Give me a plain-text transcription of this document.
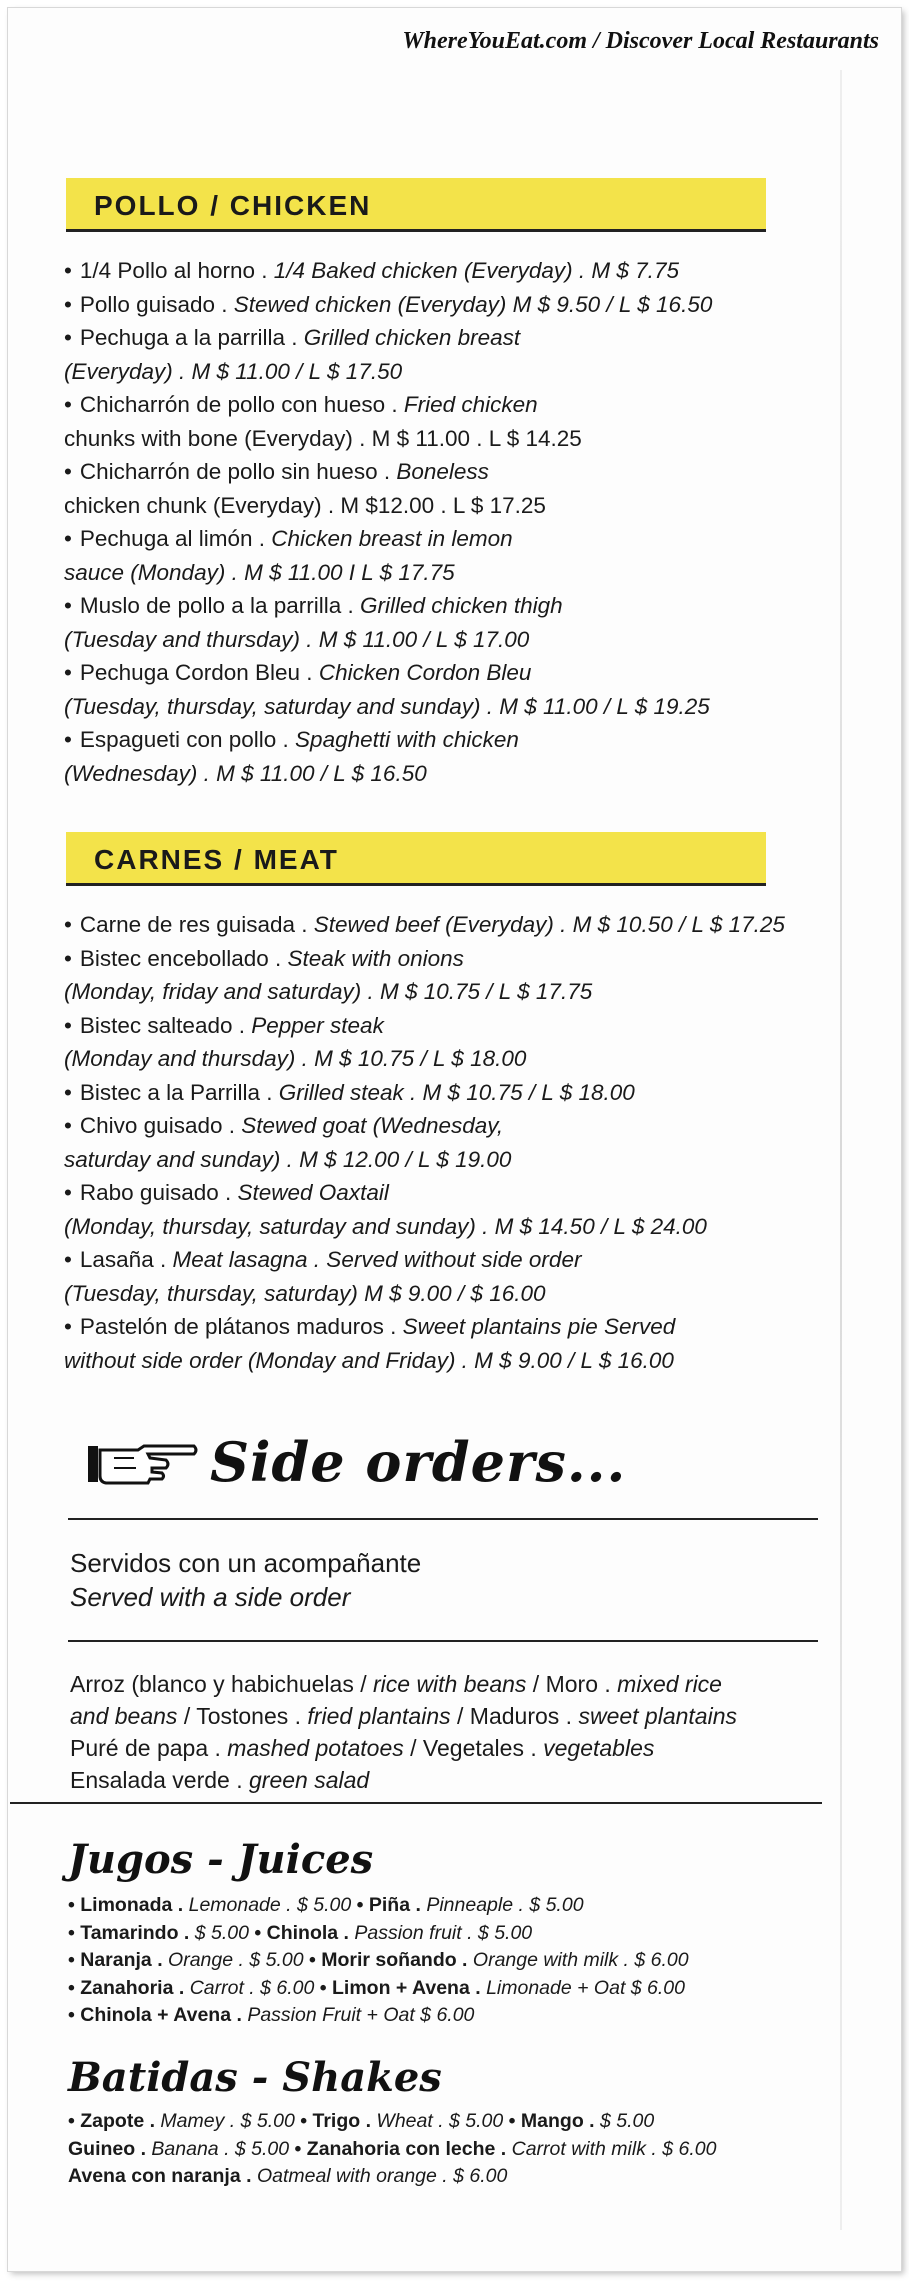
WhereYouEat.com / Discover Local Restaurants
POLLO / CHICKEN
• 1/4 Pollo al horno . 1/4 Baked chicken (Everyday) . M $ 7.75
• Pollo guisado . Stewed chicken (Everyday) M $ 9.50 / L $ 16.50
• Pechuga a la parrilla . Grilled chicken breast
(Everyday) . M $ 11.00 / L $ 17.50
• Chicharrón de pollo con hueso . Fried chicken
chunks with bone (Everyday) . M $ 11.00 . L $ 14.25
• Chicharrón de pollo sin hueso . Boneless
chicken chunk (Everyday) . M $12.00 . L $ 17.25
• Pechuga al limón . Chicken breast in lemon
sauce (Monday) . M $ 11.00 I L $ 17.75
• Muslo de pollo a la parrilla . Grilled chicken thigh
(Tuesday and thursday) . M $ 11.00 / L $ 17.00
• Pechuga Cordon Bleu . Chicken Cordon Bleu
(Tuesday, thursday, saturday and sunday) . M $ 11.00 / L $ 19.25
• Espagueti con pollo . Spaghetti with chicken
(Wednesday) . M $ 11.00 / L $ 16.50
CARNES / MEAT
• Carne de res guisada . Stewed beef (Everyday) . M $ 10.50 / L $ 17.25
• Bistec encebollado . Steak with onions
(Monday, friday and saturday) . M $ 10.75 / L $ 17.75
• Bistec salteado . Pepper steak
(Monday and thursday) . M $ 10.75 / L $ 18.00
• Bistec a la Parrilla . Grilled steak . M $ 10.75 / L $ 18.00
• Chivo guisado . Stewed goat (Wednesday,
saturday and sunday) . M $ 12.00 / L $ 19.00
• Rabo guisado . Stewed Oaxtail
(Monday, thursday, saturday and sunday) . M $ 14.50 / L $ 24.00
• Lasaña . Meat lasagna . Served without side order
(Tuesday, thursday, saturday) M $ 9.00 / $ 16.00
• Pastelón de plátanos maduros . Sweet plantains pie Served
without side order (Monday and Friday) . M $ 9.00 / L $ 16.00
Side orders...
Servidos con un acompañante
Served with a side order
Arroz (blanco y habichuelas / rice with beans / Moro . mixed rice
and beans / Tostones . fried plantains / Maduros . sweet plantains
Puré de papa . mashed potatoes / Vegetales . vegetables
Ensalada verde . green salad
Jugos - Juices
• Limonada . Lemonade . $ 5.00 • Piña . Pinneaple . $ 5.00
• Tamarindo . $ 5.00 • Chinola . Passion fruit . $ 5.00
• Naranja . Orange . $ 5.00 • Morir soñando . Orange with milk . $ 6.00
• Zanahoria . Carrot . $ 6.00 • Limon + Avena . Limonade + Oat $ 6.00
• Chinola + Avena . Passion Fruit + Oat $ 6.00
Batidas - Shakes
• Zapote . Mamey . $ 5.00 • Trigo . Wheat . $ 5.00 • Mango . $ 5.00
Guineo . Banana . $ 5.00 • Zanahoria con leche . Carrot with milk . $ 6.00
Avena con naranja . Oatmeal with orange . $ 6.00
